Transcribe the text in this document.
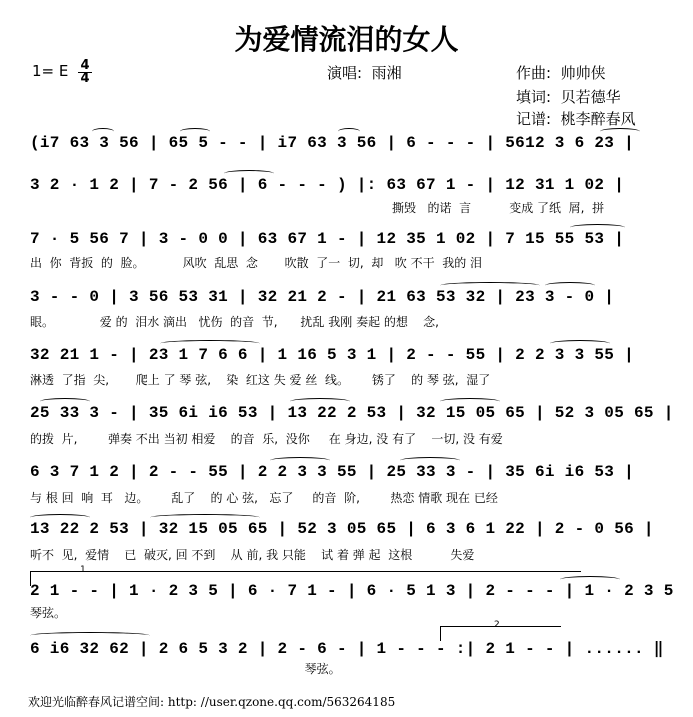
为爱情流泪的女人
1= E 4
4	演唱:  雨湘	作曲:  帅帅侠
填词:  贝若德华
记谱:  桃李醉春风
(i7 63 3 56 | 65 5 - - | i7 63 3 56 | 6 - - - | 5612 3 6 23 |
3 2 · 1 2 | 7 - 2 56 | 6 - - - ) |: 63 67 1 - | 12 31 1 02 |
撕毁   的诺  言          变成 了纸  屑,  拼
7 · 5 56 7 | 3 - 0 0 | 63 67 1 - | 12 35 1 02 | 7 15 55 53 |
出  你  背扳  的  脸。          风吹  乱思  念       吹散  了一  切,  却   吹 不干  我的 泪
3 - - 0 | 3 56 53 31 | 32 21 2 - | 21 63 53 32 | 23 3 - 0 |
眼。            爱 的  泪水 滴出   忧伤  的音  节,      扰乱 我刚 奏起 的想    念,
32 21 1 - | 23 1 7 6 6 | 1 16 5 3 1 | 2 - - 55 | 2 2 3 3 55 |
淋透  了指  尖,       爬上 了 琴 弦,    染  红这 失 爱 丝  线。      锈了    的 琴 弦,  湿了
25 33 3 - | 35 6i i6 53 | 13 22 2 53 | 32 15 05 65 | 52 3 05 65 |
的拨  片,        弹奏 不出 当初 相爱    的音  乐,  没你     在 身边, 没 有了    一切, 没 有爱
6 3 7 1 2 | 2 - - 55 | 2 2 3 3 55 | 25 33 3 - | 35 6i i6 53 |
与 根 回  响  耳   边。      乱了    的 心 弦,   忘了     的音  阶,        热恋 情歌 现在 已经
13 22 2 53 | 32 15 05 65 | 52 3 05 65 | 6 3 6 1 22 | 2 - 0 56 |
听不  见,  爱情    已  破灭, 回 不到    从 前, 我 只能    试 着 弹 起  这根          失爱
1
2 1 - - | 1 · 2 3 5 | 6 · 7 1 - | 6 · 5 1 3 | 2 - - - | 1 · 2 3 5
琴弦。
2
6 i6 32 62 | 2 6 5 3 2 | 2 - 6 - | 1 - - - :| 2 1 - - | ...... ‖
琴弦。
欢迎光临醉春风记谱空间: http: //user.qzone.qq.com/563264185
